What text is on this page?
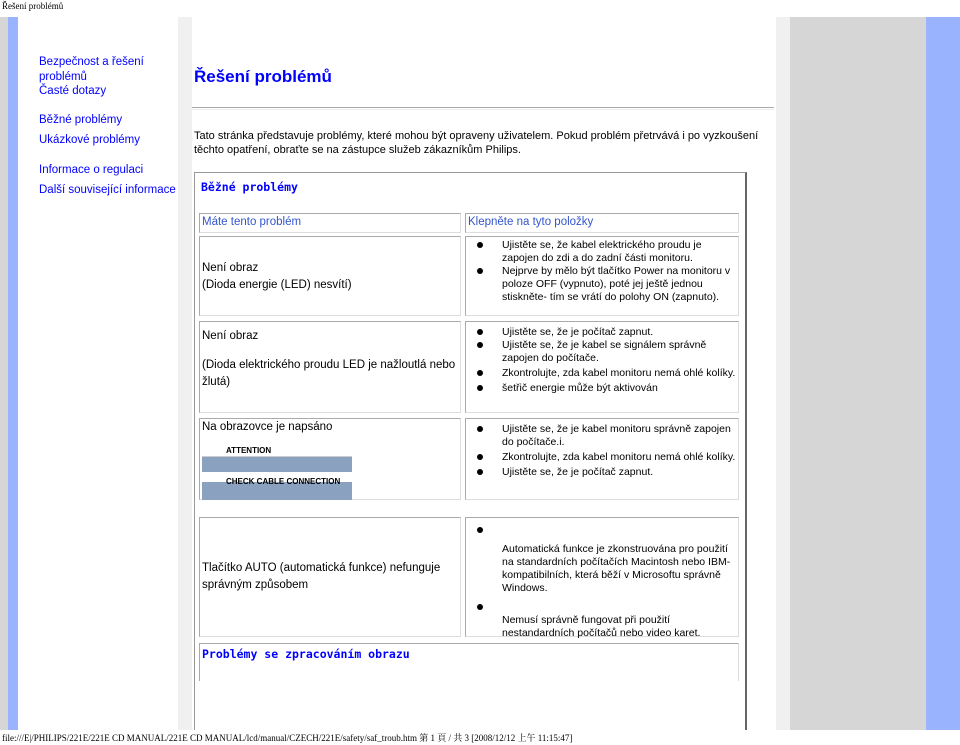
Řešení problémů
Bezpečnost a řešení problémů
Časté dotazy
Běžné problémy
Ukázkové problémy
Informace o regulaci
Další související informace
Řešení problémů
Tato stránka představuje problémy, které mohou být opraveny uživatelem. Pokud problém přetrvává i po vyzkoušení těchto opatření, obraťte se na zástupce služeb zákazníkům Philips.
Běžné problémy
Máte tento problém	Klepněte na tyto položky
Není obraz
(Dioda energie (LED) nesvítí)
Ujistěte se, že kabel elektrického proudu je zapojen do zdi a do zadní části monitoru.
Nejprve by mělo být tlačítko Power na monitoru v poloze OFF (vypnuto), poté jej ještě jednou stiskněte- tím se vrátí do polohy ON (zapnuto).
Není obraz
(Dioda elektrického proudu LED je nažloutlá nebo žlutá)
Ujistěte se, že je počítač zapnut.
Ujistěte se, že je kabel se signálem správně zapojen do počítače.
Zkontrolujte, zda kabel monitoru nemá ohlé kolíky.
šetřič energie může být aktivován
Na obrazovce je napsáno
ATTENTION
CHECK CABLE CONNECTION
Ujistěte se, že je kabel monitoru správně zapojen do počítače.i.
Zkontrolujte, zda kabel monitoru nemá ohlé kolíky.
Ujistěte se, že je počítač zapnut.
Tlačítko AUTO (automatická funkce) nefunguje správným způsobem

Automatická funkce je zkonstruována pro použití na standardních počítačích Macintosh nebo IBM-kompatibilních, která běží v Microsoftu správně Windows.

Nemusí správně fungovat při použití nestandardních počítačů nebo video karet.
Problémy se zpracováním obrazu
file:///E|/PHILIPS/221E/221E CD MANUAL/221E CD MANUAL/lcd/manual/CZECH/221E/safety/saf_troub.htm 第 1 頁 / 共 3 [2008/12/12 上午 11:15:47]
